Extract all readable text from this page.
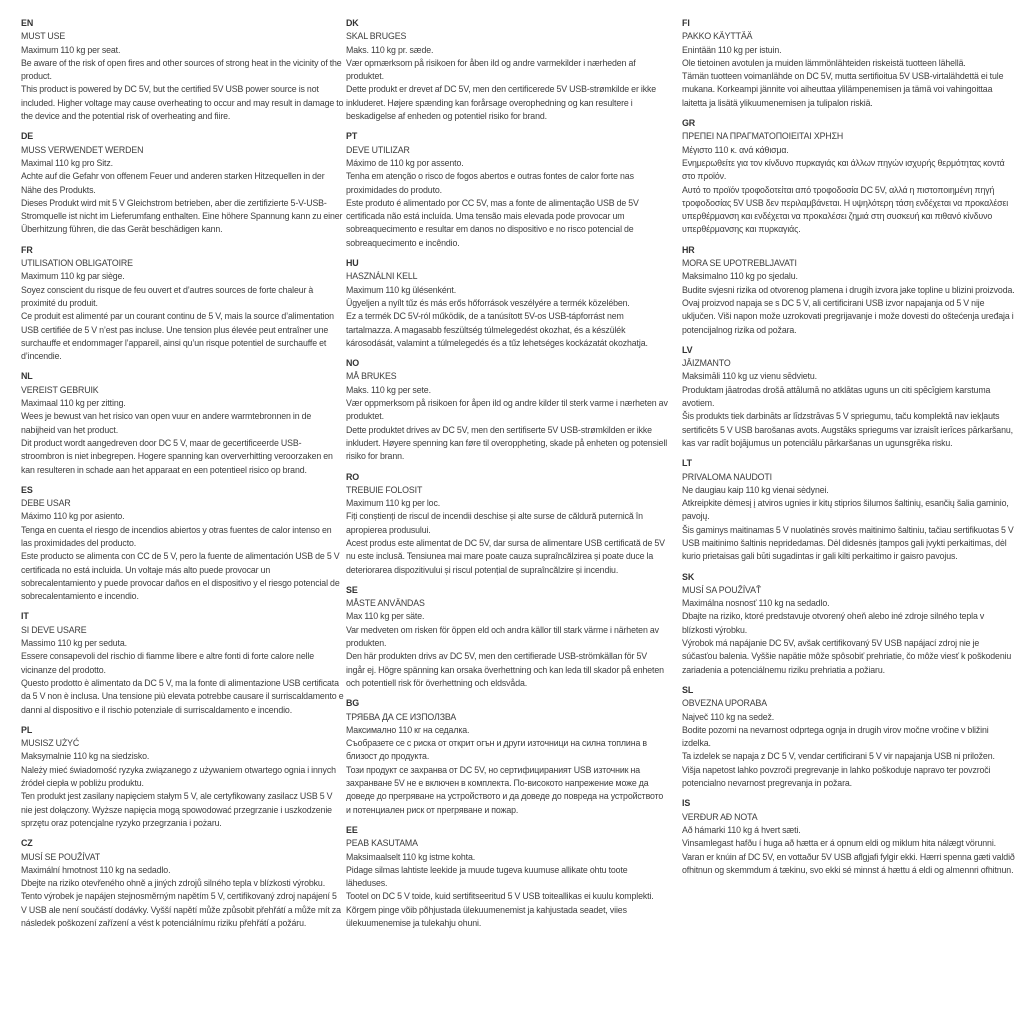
EN

MUST USE

Maximum 110 kg per seat.

Be aware of the risk of open fires and other sources of strong heat in the vicinity of the product.

This product is powered by DC 5V, but the certified 5V USB power source is not included. Higher voltage may cause overheating to occur and may result in damage to the device and the potential risk of overheating and fiire.

DE

MUSS VERWENDET WERDEN

Maximal 110 kg pro Sitz.

Achte auf die Gefahr von offenem Feuer und anderen starken Hitzequellen in der Nähe des Produkts.

Dieses Produkt wird mit 5 V Gleichstrom betrieben, aber die zertifizierte 5-V-USB-Stromquelle ist nicht im Lieferumfang enthalten. Eine höhere Spannung kann zu einer Überhitzung führen, die das Gerät beschädigen kann.

FR

UTILISATION OBLIGATOIRE

Maximum 110 kg par siège.

Soyez conscient du risque de feu ouvert et d’autres sources de forte chaleur à proximité du produit.

Ce produit est alimenté par un courant continu de 5 V, mais la source d’alimentation USB certifiée de 5 V n’est pas incluse. Une tension plus élevée peut entraîner une surchauffe et endommager l’appareil, ainsi qu’un risque potentiel de surchauffe et d’incendie.

NL

VEREIST GEBRUIK

Maximaal 110 kg per zitting.

Wees je bewust van het risico van open vuur en andere warmtebronnen in de nabijheid van het product.

Dit product wordt aangedreven door DC 5 V, maar de gecertificeerde USB-stroombron is niet inbegrepen. Hogere spanning kan oververhitting veroorzaken en kan resulteren in schade aan het apparaat en een potentieel risico op brand.

ES

DEBE USAR

Máximo 110 kg por asiento.

Tenga en cuenta el riesgo de incendios abiertos y otras fuentes de calor intenso en las proximidades del producto.

Este producto se alimenta con CC de 5 V, pero la fuente de alimentación USB de 5 V certificada no está incluida. Un voltaje más alto puede provocar un sobrecalentamiento y puede provocar daños en el dispositivo y el riesgo potencial de sobrecalentamiento e incendio.

IT

SI DEVE USARE

Massimo 110 kg per seduta.

Essere consapevoli del rischio di fiamme libere e altre fonti di forte calore nelle vicinanze del prodotto.

Questo prodotto è alimentato da DC 5 V, ma la fonte di alimentazione USB certificata da 5 V non è inclusa. Una tensione più elevata potrebbe causare il surriscaldamento e danni al dispositivo e il rischio potenziale di surriscaldamento e incendio.

PL

MUSISZ UŻYĆ

Maksymalnie 110 kg na siedzisko.

Należy mieć świadomość ryzyka związanego z używaniem otwartego ognia i innych źródeł ciepła w pobliżu produktu.

Ten produkt jest zasilany napięciem stałym 5 V, ale certyfikowany zasilacz USB 5 V nie jest dołączony. Wyższe napięcia mogą spowodować przegrzanie i uszkodzenie sprzętu oraz potencjalne ryzyko przegrzania i pożaru.

CZ

MUSÍ SE POUŽÍVAT

Maximální hmotnost 110 kg na sedadlo.

Dbejte na riziko otevřeného ohně a jiných zdrojů silného tepla v blízkosti výrobku.

Tento výrobek je napájen stejnosměrným napětím 5 V, certifikovaný zdroj napájení 5 V USB ale není součástí dodávky. Vyšší napětí může způsobit přehřátí a může mít za následek poškození zařízení a vést k potenciálnímu riziku přehřátí a požáru.

DK

SKAL BRUGES

Maks. 110 kg pr. sæde.

Vær opmærksom på risikoen for åben ild og andre varmekilder i nærheden af produktet.

Dette produkt er drevet af DC 5V, men den certificerede 5V USB-strømkilde er ikke inkluderet. Højere spænding kan forårsage overophedning og kan resultere i beskadigelse af enheden og potentiel risiko for brand.

PT

DEVE UTILIZAR

Máximo de 110 kg por assento.

Tenha em atenção o risco de fogos abertos e outras fontes de calor forte nas proximidades do produto.

Este produto é alimentado por CC 5V, mas a fonte de alimentação USB de 5V certificada não está incluída. Uma tensão mais elevada pode provocar um sobreaquecimento e resultar em danos no dispositivo e no risco potencial de sobreaquecimento e incêndio.

HU

HASZNÁLNI KELL

Maximum 110 kg ülésenként.

Ügyeljen a nyílt tűz és más erős hőforrások veszélyére a termék közelében.

Ez a termék DC 5V-ról működik, de a tanúsított 5V-os USB-tápforrást nem tartalmazza. A magasabb feszültség túlmelegedést okozhat, és a készülék károsodását, valamint a túlmelegedés és a tűz lehetséges kockázatát okozhatja.

NO

MÅ BRUKES

Maks. 110 kg per sete.

Vær oppmerksom på risikoen for åpen ild og andre kilder til sterk varme i nærheten av produktet.

Dette produktet drives av DC 5V, men den sertifiserte 5V USB-strømkilden er ikke inkludert. Høyere spenning kan føre til overoppheting, skade på enheten og potensiell risiko for brann.

RO

TREBUIE FOLOSIT

Maximum 110 kg per loc.

Fiți conștienți de riscul de incendii deschise și alte surse de căldură puternică în apropierea produsului.

Acest produs este alimentat de DC 5V, dar sursa de alimentare USB certificată de 5V nu este inclusă. Tensiunea mai mare poate cauza supraîncălzirea și poate duce la deteriorarea dispozitivului și riscul potențial de supraîncălzire și incendiu.

SE

MÅSTE ANVÄNDAS

Max 110 kg per säte.

Var medveten om risken för öppen eld och andra källor till stark värme i närheten av produkten.

Den här produkten drivs av DC 5V, men den certifierade USB-strömkällan för 5V ingår ej. Högre spänning kan orsaka överhettning och kan leda till skador på enheten och potentiell risk för överhettning och eldsvåda.

BG

ТРЯБВА ДА СЕ ИЗПОЛЗВА

Максимално 110 кг на седалка.

Съобразете се с риска от открит огън и други източници на силна топлина в близост до продукта.

Този продукт се захранва от DC 5V, но сертифицираният USB източник на захранване 5V не е включен в комплекта. По-високото напрежение може да доведе до прегряване на устройството и да доведе до повреда на устройството и потенциален риск от прегряване и пожар.

EE

PEAB KASUTAMA

Maksimaalselt 110 kg istme kohta.

Pidage silmas lahtiste leekide ja muude tugeva kuumuse allikate ohtu toote läheduses.

Tootel on DC 5 V toide, kuid sertifitseeritud 5 V USB toiteallikas ei kuulu komplekti. Kõrgem pinge võib põhjustada ülekuumenemist ja kahjustada seadet, viies ülekuumenemise ja tulekahju ohuni.

FI

PAKKO KÄYTTÄÄ

Enintään 110 kg per istuin.

Ole tietoinen avotulen ja muiden lämmönlähteiden riskeistä tuotteen lähellä.

Tämän tuotteen voimanlähde on DC 5V, mutta sertifioitua 5V USB-virtalähdettä ei tule mukana. Korkeampi jännite voi aiheuttaa ylilämpenemisen ja tämä voi vahingoittaa laitetta ja lisätä ylikuumenemisen ja tulipalon riskiä.

GR

ΠΡΕΠΕΙ ΝΑ ΠΡΑΓΜΑΤΟΠΟΙΕΙΤΑΙ ΧΡΗΣΗ

Μέγιστο 110 κ. ανά κάθισμα.

Ενημερωθείτε για τον κίνδυνο πυρκαγιάς και άλλων πηγών ισχυρής θερμότητας κοντά στο προϊόν.

Αυτό το προϊόν τροφοδοτείται από τροφοδοσία DC 5V, αλλά η πιστοποιημένη πηγή τροφοδοσίας 5V USB δεν περιλαμβάνεται. Η υψηλότερη τάση ενδέχεται να προκαλέσει υπερθέρμανση και ενδέχεται να προκαλέσει ζημιά στη συσκευή και πιθανό κίνδυνο υπερθέρμανσης και πυρκαγιάς.

HR

MORA SE UPOTREBLJAVATI

Maksimalno 110 kg po sjedalu.

Budite svjesni rizika od otvorenog plamena i drugih izvora jake topline u blizini proizvoda.

Ovaj proizvod napaja se s DC 5 V, ali certificirani USB izvor napajanja od 5 V nije uključen. Viši napon može uzrokovati pregrijavanje i može dovesti do oštećenja uređaja i potencijalnog rizika od požara.

LV

JĀIZMANTO

Maksimāli 110 kg uz vienu sēdvietu.

Produktam jāatrodas drošā attālumā no atklātas uguns un citi spēcīgiem karstuma avotiem.

Šis produkts tiek darbināts ar līdzstrāvas 5 V spriegumu, taču komplektā nav iekļauts sertificēts 5 V USB barošanas avots. Augstāks spriegums var izraisīt ierīces pārkaršanu, kas var radīt bojājumus un potenciālu pārkaršanas un ugunsgrēka risku.

LT

PRIVALOMA NAUDOTI

Ne daugiau kaip 110 kg vienai sėdynei.

Atkreipkite dėmesį į atviros ugnies ir kitų stiprios šilumos šaltinių, esančių šalia gaminio, pavojų.

Šis gaminys maitinamas 5 V nuolatinės srovės maitinimo šaltiniu, tačiau sertifikuotas 5 V USB maitinimo šaltinis nepridedamas. Dėl didesnės įtampos gali įvykti perkaitimas, dėl kurio prietaisas gali būti sugadintas ir gali kilti perkaitimo ir gaisro pavojus.

SK

MUSÍ SA POUŽÍVAŤ

Maximálna nosnosť 110 kg na sedadlo.

Dbajte na riziko, ktoré predstavuje otvorený oheň alebo iné zdroje silného tepla v blízkosti výrobku.

Výrobok má napájanie DC 5V, avšak certifikovaný 5V USB napájací zdroj nie je súčasťou balenia. Vyššie napätie môže spôsobiť prehriatie, čo môže viesť k poškodeniu zariadenia a potenciálnemu riziku prehriatia a požiaru.

SL

OBVEZNA UPORABA

Največ 110 kg na sedež.

Bodite pozorni na nevarnost odprtega ognja in drugih virov močne vročine v bližini izdelka.

Ta izdelek se napaja z DC 5 V, vendar certificirani 5 V vir napajanja USB ni priložen. Višja napetost lahko povzroči pregrevanje in lahko poškoduje napravo ter povzroči potencialno nevarnost pregrevanja in požara.

IS

VERÐUR AÐ NOTA

Að hámarki 110 kg á hvert sæti.

Vinsamlegast hafðu í huga að hætta er á opnum eldi og miklum hita nálægt vörunni.

Varan er knúin af DC 5V, en vottaður 5V USB aflgjafi fylgir ekki. Hærri spenna gæti valdið ofhitnun og skemmdum á tækinu, svo ekki sé minnst á hættu á eldi og almennri ofhitnun.
